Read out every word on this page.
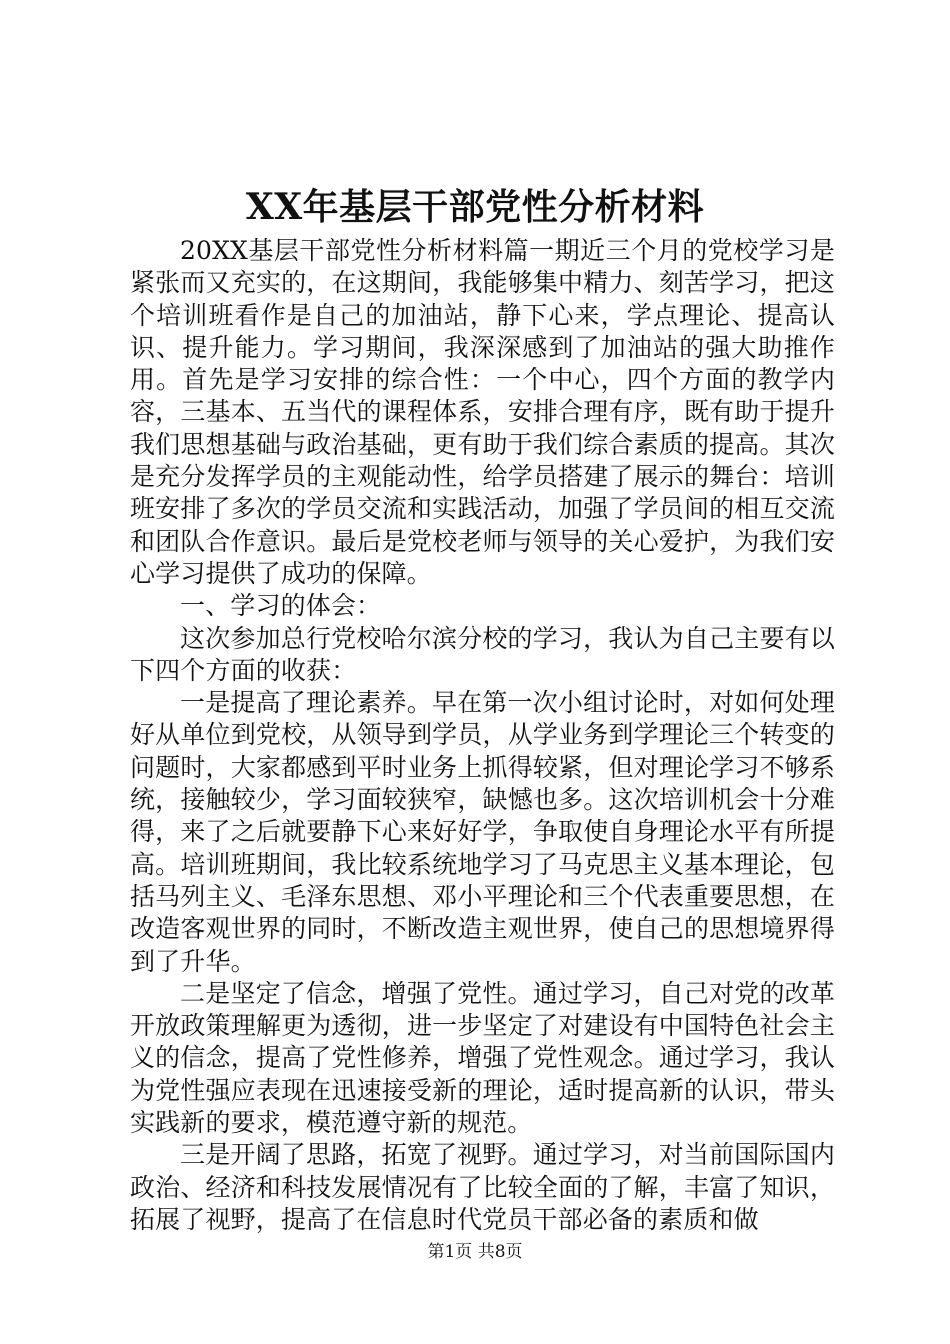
XX年基层干部党性分析材料

20XX基层干部党性分析材料篇一期近三个月的党校学习是紧张而又充实的，在这期间，我能够集中精力、刻苦学习，把这个培训班看作是自己的加油站，静下心来，学点理论、提高认识、提升能力。学习期间，我深深感到了加油站的强大助推作用。首先是学习安排的综合性：一个中心，四个方面的教学内容，三基本、五当代的课程体系，安排合理有序，既有助于提升我们思想基础与政治基础，更有助于我们综合素质的提高。其次是充分发挥学员的主观能动性，给学员搭建了展示的舞台：培训班安排了多次的学员交流和实践活动，加强了学员间的相互交流和团队合作意识。最后是党校老师与领导的关心爱护，为我们安心学习提供了成功的保障。

一、学习的体会：

这次参加总行党校哈尔滨分校的学习，我认为自己主要有以下四个方面的收获：

一是提高了理论素养。早在第一次小组讨论时，对如何处理好从单位到党校，从领导到学员，从学业务到学理论三个转变的问题时，大家都感到平时业务上抓得较紧，但对理论学习不够系统，接触较少，学习面较狭窄，缺憾也多。这次培训机会十分难得，来了之后就要静下心来好好学，争取使自身理论水平有所提高。培训班期间，我比较系统地学习了马克思主义基本理论，包括马列主义、毛泽东思想、邓小平理论和三个代表重要思想，在改造客观世界的同时，不断改造主观世界，使自己的思想境界得到了升华。

二是坚定了信念，增强了党性。通过学习，自己对党的改革开放政策理解更为透彻，进一步坚定了对建设有中国特色社会主义的信念，提高了党性修养，增强了党性观念。通过学习，我认为党性强应表现在迅速接受新的理论，适时提高新的认识，带头实践新的要求，模范遵守新的规范。

三是开阔了思路，拓宽了视野。通过学习，对当前国际国内政治、经济和科技发展情况有了比较全面的了解，丰富了知识，拓展了视野，提高了在信息时代党员干部必备的素质和做

第1页 共8页
